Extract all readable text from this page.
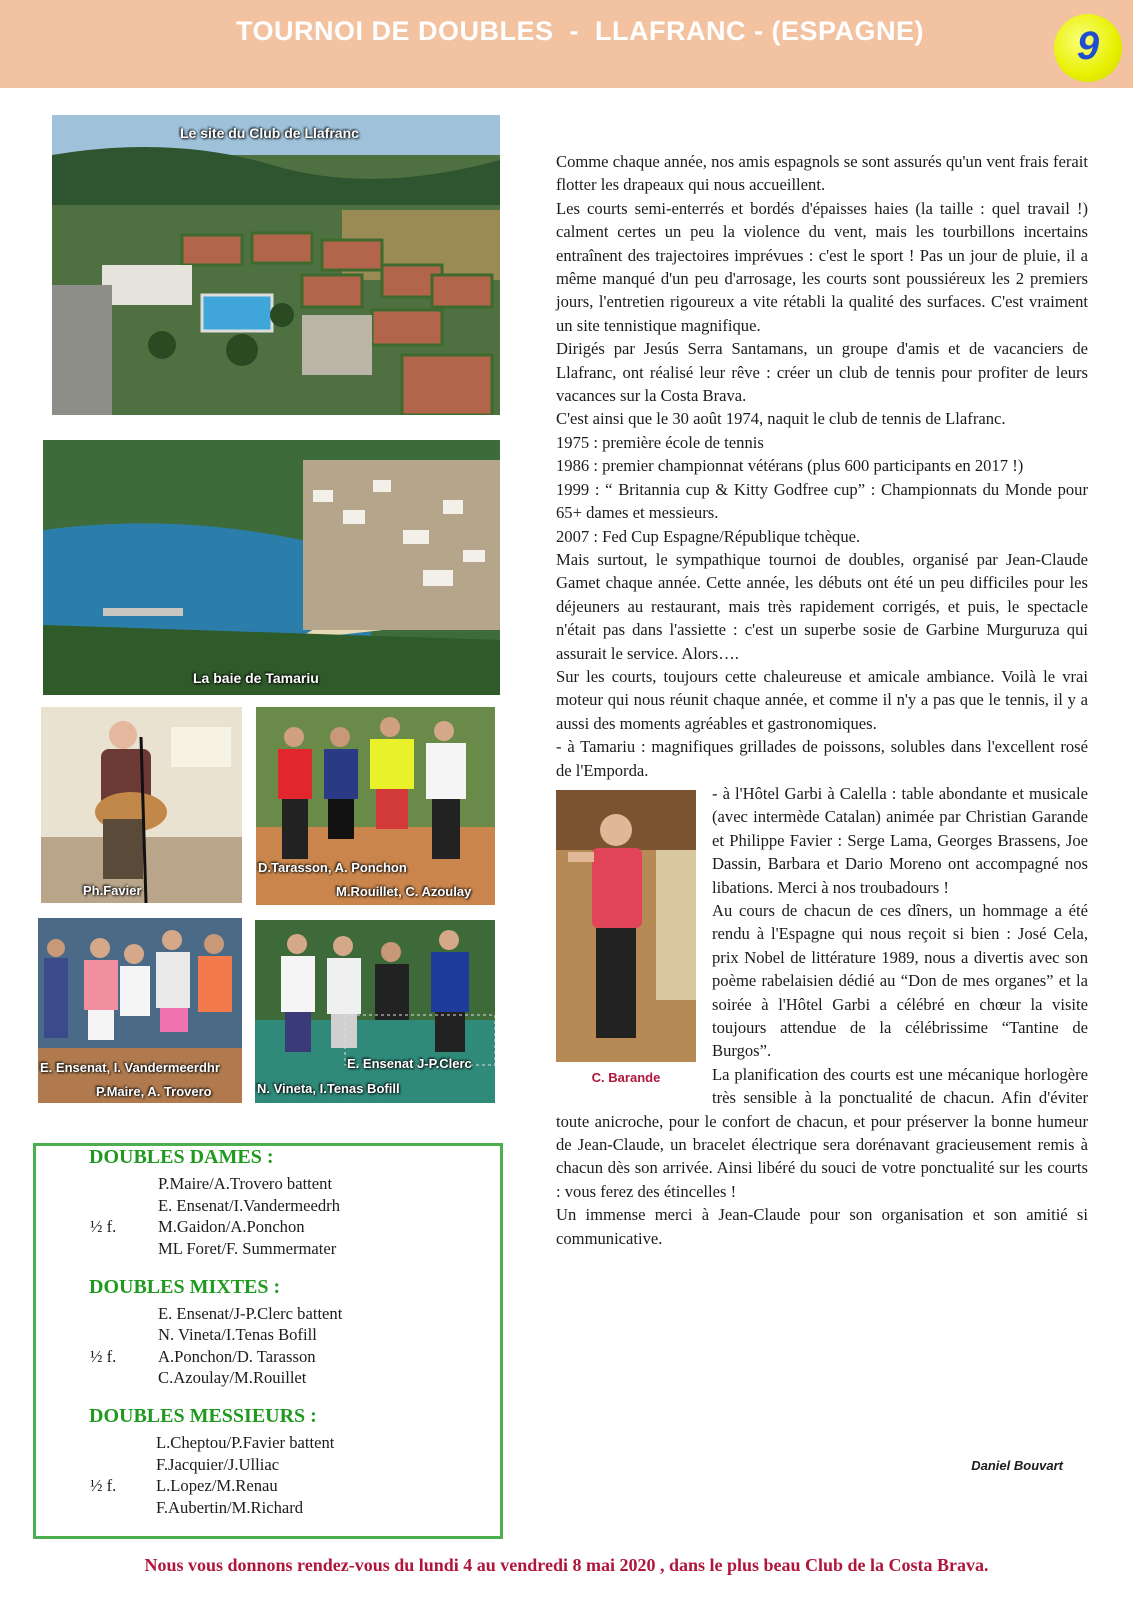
TOURNOI DE DOUBLES  -  LLAFRANC - (ESPAGNE)	9
Le site du Club de Llafranc
La baie de Tamariu
Ph.Favier
D.Tarasson, A. Ponchon
M.Rouillet, C. Azoulay
E. Ensenat, I. Vandermeerdhr
P.Maire, A. Trovero
E. Ensenat J-P.Clerc
N. Vineta, I.Tenas Bofill
DOUBLES DAMES :
P.Maire/A.Trovero battent
E. Ensenat/I.Vandermeedrh
½ f.	M.Gaidon/A.Ponchon
ML Foret/F. Summermater
DOUBLES MIXTES :
E. Ensenat/J-P.Clerc battent
N. Vineta/I.Tenas Bofill
½ f.	A.Ponchon/D. Tarasson
C.Azoulay/M.Rouillet
DOUBLES MESSIEURS :
L.Cheptou/P.Favier battent
F.Jacquier/J.Ulliac
½ f. L.Lopez/M.Renau
F.Aubertin/M.Richard

Comme chaque année, nos amis espagnols se sont assurés qu'un vent frais ferait flotter les drapeaux qui nous accueillent.

Les courts semi-enterrés et bordés d'épaisses haies (la taille : quel travail !) calment certes un peu la violence du vent, mais les tourbillons incertains entraînent des trajectoires imprévues : c'est le sport ! Pas un jour de pluie, il a même manqué d'un peu d'arrosage, les courts sont poussiéreux les 2 premiers jours, l'entretien rigoureux a vite rétabli la qualité des surfaces. C'est vraiment un site tennistique magnifique.

Dirigés par Jesús Serra Santamans, un groupe d'amis et de vacanciers de Llafranc, ont réalisé leur rêve : créer un club de tennis pour profiter de leurs vacances sur la Costa Brava.

C'est ainsi que le 30 août 1974, naquit le club de tennis de Llafranc.

1975 : première école de tennis

1986 : premier championnat vétérans (plus 600 participants en 2017 !)

1999 : “ Britannia cup & Kitty Godfree cup” : Championnats du Monde pour 65+ dames et messieurs.

2007 : Fed Cup Espagne/République tchèque.

Mais surtout, le sympathique tournoi de doubles, organisé par Jean-Claude Gamet chaque année. Cette année, les débuts ont été un peu difficiles pour les déjeuners au restaurant, mais très rapidement corrigés, et puis, le spectacle n'était pas dans l'assiette : c'est un superbe sosie de Garbine Murguruza qui assurait le service. Alors….

Sur les courts, toujours cette chaleureuse et amicale ambiance. Voilà le vrai moteur qui nous réunit chaque année, et comme il n'y a pas que le tennis, il y a aussi des moments agréables et gastronomiques.

- à Tamariu : magnifiques grillades de poissons, solubles dans l'excellent rosé de l'Emporda.

C. Barande

- à l'Hôtel Garbi à Calella : table abondante et musicale (avec intermède Catalan) animée par Christian Garande et Philippe Favier : Serge Lama, Georges Brassens, Joe Dassin, Barbara et Dario Moreno ont accompagné nos libations. Merci à nos troubadours !

Au cours de chacun de ces dîners, un hommage a été rendu à l'Espagne qui nous reçoit si bien : José Cela, prix Nobel de littérature 1989, nous a divertis avec son poème rabelaisien dédié au “Don de mes organes” et la soirée à l'Hôtel Garbi a célébré en chœur la visite toujours attendue de la célébrissime “Tantine de Burgos”.

La planification des courts est une mécanique horlogère très sensible à la ponctualité de chacun. Afin d'éviter toute anicroche, pour le confort de chacun, et pour préserver la bonne humeur de Jean-Claude, un bracelet électrique sera dorénavant gracieusement remis à chacun dès son arrivée. Ainsi libéré du souci de votre ponctualité sur les courts : vous ferez des étincelles !

Un immense merci à Jean-Claude pour son organisation et son amitié si communicative.

Daniel Bouvart
Nous vous donnons rendez-vous du lundi 4 au vendredi 8 mai 2020 , dans le plus beau Club de la Costa Brava.
